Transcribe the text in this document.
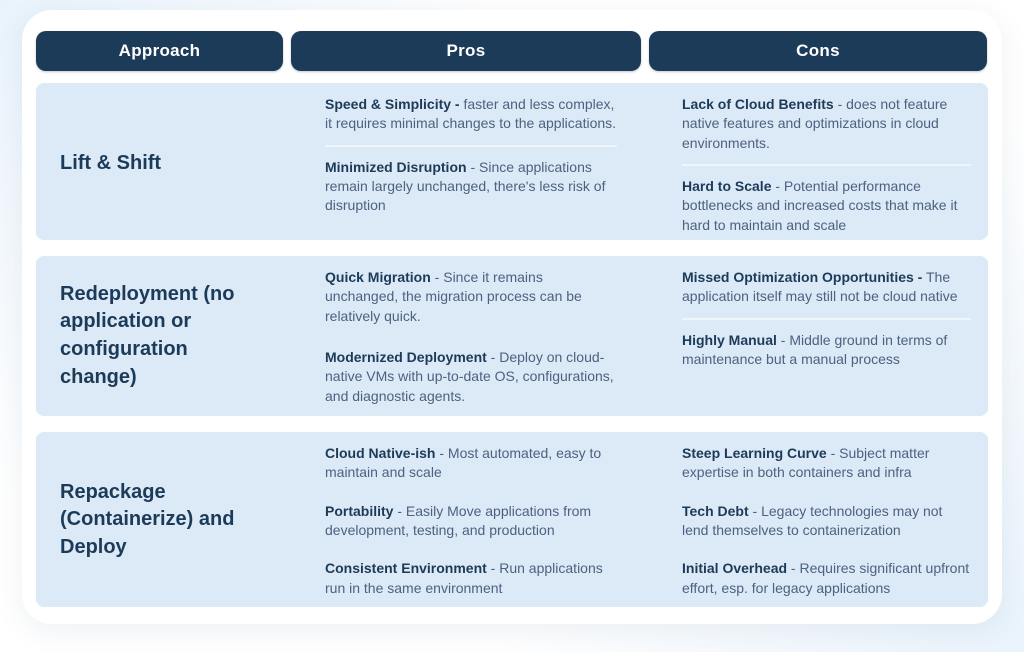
Approach	Pros	Cons
Lift & Shift

Speed & Simplicity - faster and less complex, it requires minimal changes to the applications.

Minimized Disruption - Since applications remain largely unchanged, there's less risk of disruption

Lack of Cloud Benefits - does not feature native features and optimizations in cloud environments.

Hard to Scale - Potential performance bottlenecks and increased costs that make it hard to maintain and scale

Redeployment (no application or configuration change)

Quick Migration - Since it remains unchanged, the migration process can be relatively quick.

Modernized Deployment - Deploy on cloud-native VMs with up-to-date OS, configurations, and diagnostic agents.

Missed Optimization Opportunities - The application itself may still not be cloud native

Highly Manual - Middle ground in terms of maintenance but a manual process

Repackage (Containerize) and Deploy

Cloud Native-ish - Most automated, easy to maintain and scale

Portability - Easily Move applications from development, testing, and production

Consistent Environment - Run applications run in the same environment

Steep Learning Curve - Subject matter expertise in both containers and infra

Tech Debt - Legacy technologies may not lend themselves to containerization

Initial Overhead - Requires significant upfront effort, esp. for legacy applications
